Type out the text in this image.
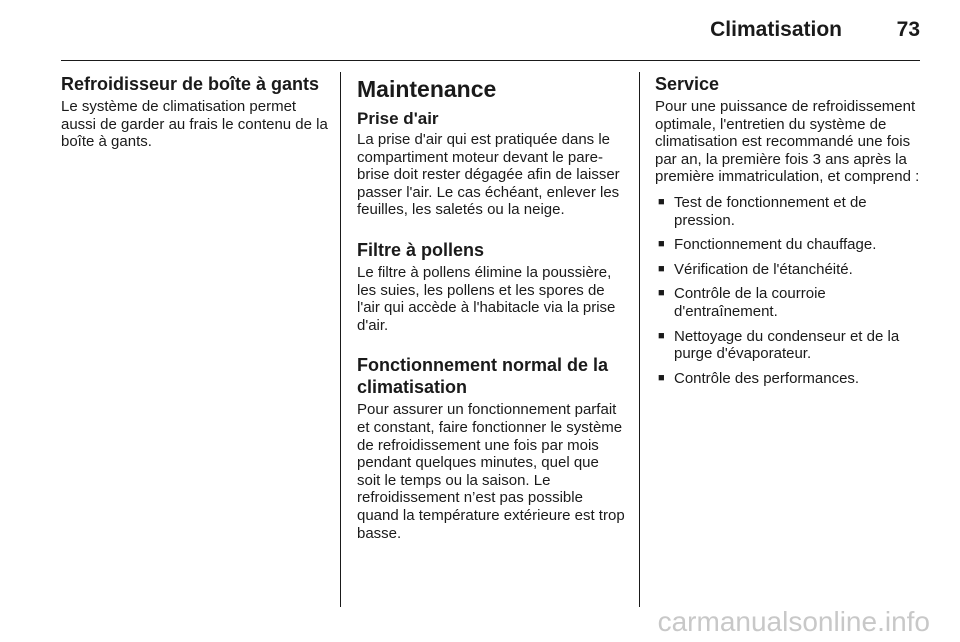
Climatisation	73
Refroidisseur de boîte à gants

Le système de climatisation permet aussi de garder au frais le contenu de la boîte à gants.

Maintenance
Prise d'air

La prise d'air qui est pratiquée dans le compartiment moteur devant le pare-brise doit rester dégagée afin de laisser passer l'air. Le cas échéant, enlever les feuilles, les saletés ou la neige.

Filtre à pollens

Le filtre à pollens élimine la poussière, les suies, les pollens et les spores de l'air qui accède à l'habitacle via la prise d'air.

Fonctionnement normal de la climatisation

Pour assurer un fonctionnement parfait et constant, faire fonctionner le système de refroidissement une fois par mois pendant quelques minutes, quel que soit le temps ou la saison. Le refroidissement n’est pas possible quand la température extérieure est trop basse.

Service

Pour une puissance de refroidissement optimale, l'entretien du système de climatisation est recommandé une fois par an, la première fois 3 ans après la première immatriculation, et comprend :

■
Test de fonctionnement et de pression.
■
Fonctionnement du chauffage.
■
Vérification de l'étanchéité.
■
Contrôle de la courroie d'entraînement.
■
Nettoyage du condenseur et de la purge d'évaporateur.
■
Contrôle des performances.
carmanualsonline.info
